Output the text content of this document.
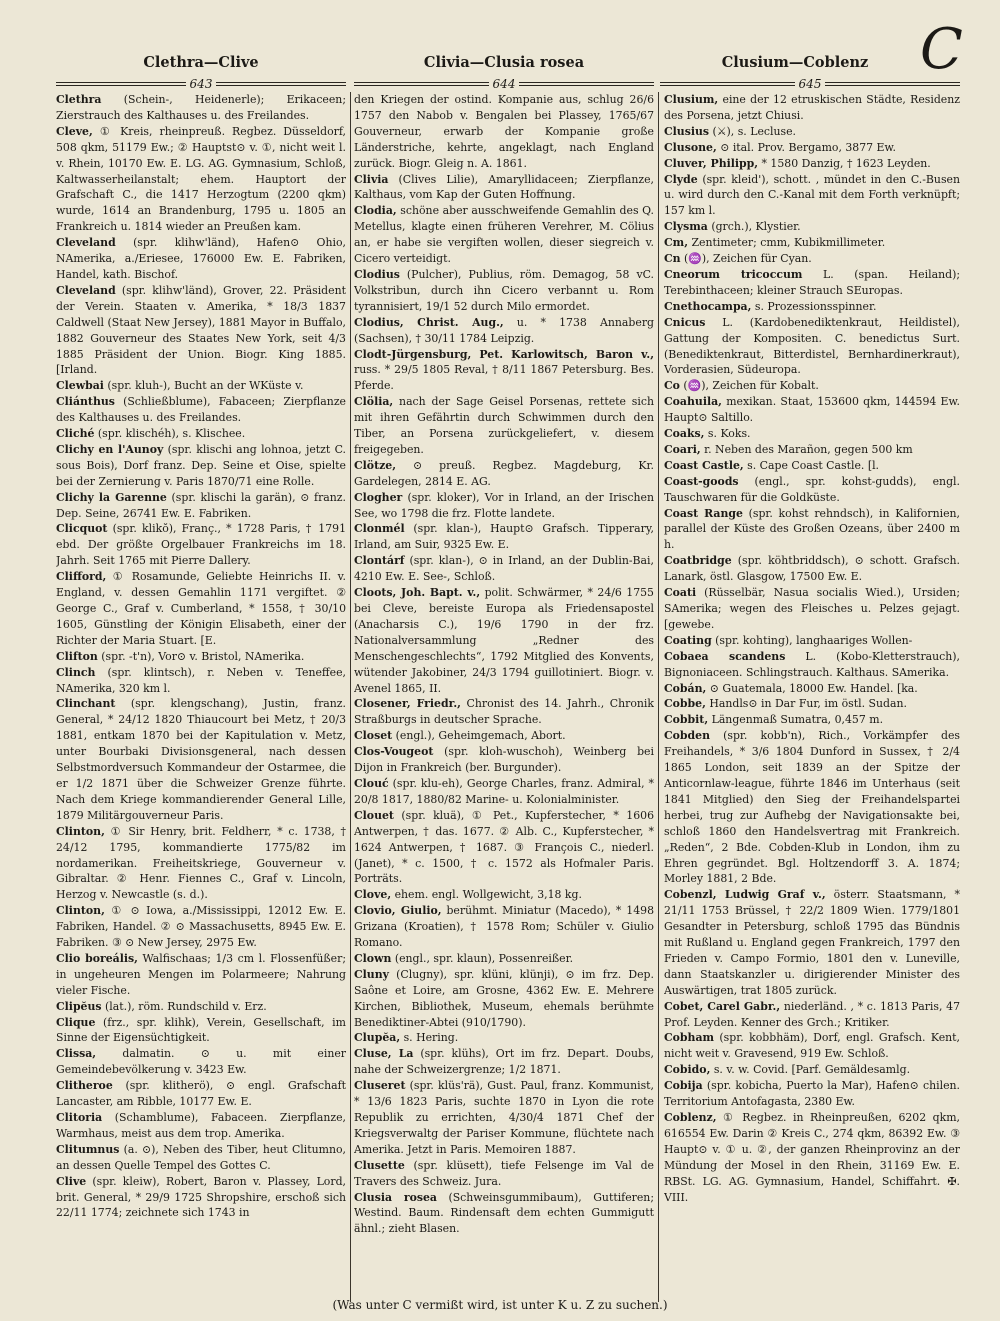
Clethra—Clive	Clivia—Clusia rosea	Clusium—Coblenz C
643	644	645

Clethra (Schein-, Heidenerle); Erikaceen; Zierstrauch des Kalthauses u. des Freilandes.

Cleve, ① Kreis, rheinpreuß. Regbez. Düsseldorf, 508 qkm, 51179 Ew.; ② Hauptst⊙ v. ①, nicht weit l. v. Rhein, 10170 Ew. E. LG. AG. Gymnasium, Schloß, Kaltwasserheilanstalt; ehem. Hauptort der Grafschaft C., die 1417 Herzogtum (2200 qkm) wurde, 1614 an Brandenburg, 1795 u. 1805 an Frankreich u. 1814 wieder an Preußen kam.

Cleveland (spr. klihw'länd), Hafen⊙ Ohio, NAmerika, a./Eriesee, 176000 Ew. E. Fabriken, Handel, kath. Bischof.

Cleveland (spr. klihw'länd), Grover, 22. Präsident der Verein. Staaten v. Amerika, * 18/3 1837 Caldwell (Staat New Jersey), 1881 Mayor in Buffalo, 1882 Gouverneur des Staates New York, seit 4/3 1885 Präsident der Union. Biogr. King 1885. [Irland.

Clewbai (spr. kluh-), Bucht an der WKüste v.

Cliánthus (Schließblume), Fabaceen; Zierpflanze des Kalthauses u. des Freilandes.

Cliché (spr. klischéh), s. Klischee.

Clichy en l'Aunoy (spr. klischi ang lohnoa, jetzt C. sous Bois), Dorf franz. Dep. Seine et Oise, spielte bei der Zernierung v. Paris 1870/71 eine Rolle.

Clichy la Garenne (spr. klischi la garän), ⊙ franz. Dep. Seine, 26741 Ew. E. Fabriken.

Clicquot (spr. klikŏ), Franç., * 1728 Paris, † 1791 ebd. Der größte Orgelbauer Frankreichs im 18. Jahrh. Seit 1765 mit Pierre Dallery.

Clifford, ① Rosamunde, Geliebte Heinrichs II. v. England, v. dessen Gemahlin 1171 vergiftet. ② George C., Graf v. Cumberland, * 1558, † 30/10 1605, Günstling der Königin Elisabeth, einer der Richter der Maria Stuart. [E.

Clifton (spr. -t'n), Vor⊙ v. Bristol, NAmerika.

Clinch (spr. klintsch), r. Neben v. Teneffee, NAmerika, 320 km l.

Clinchant (spr. klengschang), Justin, franz. General, * 24/12 1820 Thiaucourt bei Metz, † 20/3 1881, entkam 1870 bei der Kapitulation v. Metz, unter Bourbaki Divisionsgeneral, nach dessen Selbstmordversuch Kommandeur der Ostarmee, die er 1/2 1871 über die Schweizer Grenze führte. Nach dem Kriege kommandierender General Lille, 1879 Militärgouverneur Paris.

Clinton, ① Sir Henry, brit. Feldherr, * c. 1738, † 24/12 1795, kommandierte 1775/82 im nordamerikan. Freiheitskriege, Gouverneur v. Gibraltar. ② Henr. Fiennes C., Graf v. Lincoln, Herzog v. Newcastle (s. d.).

Clinton, ① ⊙ Iowa, a./Mississippi, 12012 Ew. E. Fabriken, Handel. ② ⊙ Massachusetts, 8945 Ew. E. Fabriken. ③ ⊙ New Jersey, 2975 Ew.

Clio boreális, Walfischaas; 1/3 cm l. Flossenfüßer; in ungeheuren Mengen im Polarmeere; Nahrung vieler Fische.

Clipĕus (lat.), röm. Rundschild v. Erz.

Clique (frz., spr. klihk), Verein, Gesellschaft, im Sinne der Eigensüchtigkeit.

Clissa, dalmatin. ⊙ u. mit einer Gemeindebevölkerung v. 3423 Ew.

Clitheroe (spr. klitherö), ⊙ engl. Grafschaft Lancaster, am Ribble, 10177 Ew. E.

Clitoria (Schamblume), Fabaceen. Zierpflanze, Warmhaus, meist aus dem trop. Amerika.

Clitumnus (a. ⊙), Neben des Tiber, heut Clitumno, an dessen Quelle Tempel des Gottes C.

Clive (spr. kleiw), Robert, Baron v. Plassey, Lord, brit. General, * 29/9 1725 Shropshire, erschoß sich 22/11 1774; zeichnete sich 1743 in

den Kriegen der ostind. Kompanie aus, schlug 26/6 1757 den Nabob v. Bengalen bei Plassey, 1765/67 Gouverneur, erwarb der Kompanie große Länderstriche, kehrte, angeklagt, nach England zurück. Biogr. Gleig n. A. 1861.

Clivia (Clives Lilie), Amaryllidaceen; Zierpflanze, Kalthaus, vom Kap der Guten Hoffnung.

Clodia, schöne aber ausschweifende Gemahlin des Q. Metellus, klagte einen früheren Verehrer, M. Cölius an, er habe sie vergiften wollen, dieser siegreich v. Cicero verteidigt.

Clodius (Pulcher), Publius, röm. Demagog, 58 vC. Volkstribun, durch ihn Cicero verbannt u. Rom tyrannisiert, 19/1 52 durch Milo ermordet.

Clodius, Christ. Aug., u. * 1738 Annaberg (Sachsen), † 30/11 1784 Leipzig.

Clodt-Jürgensburg, Pet. Karlowitsch, Baron v., russ. * 29/5 1805 Reval, † 8/11 1867 Petersburg. Bes. Pferde.

Clölia, nach der Sage Geisel Porsenas, rettete sich mit ihren Gefährtin durch Schwimmen durch den Tiber, an Porsena zurückgeliefert, v. diesem freigegeben.

Clötze, ⊙ preuß. Regbez. Magdeburg, Kr. Gardelegen, 2814 E. AG.

Clogher (spr. kloker), Vor in Irland, an der Irischen See, wo 1798 die frz. Flotte landete.

Clonmél (spr. klan-), Haupt⊙ Grafsch. Tipperary, Irland, am Suir, 9325 Ew. E.

Clontárf (spr. klan-), ⊙ in Irland, an der Dublin-Bai, 4210 Ew. E. See-, Schloß.

Cloots, Joh. Bapt. v., polit. Schwärmer, * 24/6 1755 bei Cleve, bereiste Europa als Friedensapostel (Anacharsis C.), 19/6 1790 in der frz. Nationalversammlung „Redner des Menschengeschlechts“, 1792 Mitglied des Konvents, wütender Jakobiner, 24/3 1794 guillotiniert. Biogr. v. Avenel 1865, II.

Closener, Friedr., Chronist des 14. Jahrh., Chronik Straßburgs in deutscher Sprache.

Closet (engl.), Geheimgemach, Abort.

Clos-Vougeot (spr. kloh-wuschoh), Weinberg bei Dijon in Frankreich (ber. Burgunder).

Clouć (spr. klu-eh), George Charles, franz. Admiral, * 20/8 1817, 1880/82 Marine- u. Kolonialminister.

Clouet (spr. kluä), ① Pet., Kupferstecher, * 1606 Antwerpen, † das. 1677. ② Alb. C., Kupferstecher, * 1624 Antwerpen, † 1687. ③ François C., niederl. (Janet), * c. 1500, † c. 1572 als Hofmaler Paris. Porträts.

Clove, ehem. engl. Wollgewicht, 3,18 kg.

Clovio, Giulio, berühmt. Miniatur (Macedo), * 1498 Grizana (Kroatien), † 1578 Rom; Schüler v. Giulio Romano.

Clown (engl., spr. klaun), Possenreißer.

Cluny (Clugny), spr. klüni, klünji), ⊙ im frz. Dep. Saône et Loire, am Grosne, 4362 Ew. E. Mehrere Kirchen, Bibliothek, Museum, ehemals berühmte Benediktiner-Abtei (910/1790).

Clupĕa, s. Hering.

Cluse, La (spr. klühs), Ort im frz. Depart. Doubs, nahe der Schweizergrenze; 1/2 1871.

Cluseret (spr. klüs'rä), Gust. Paul, franz. Kommunist, * 13/6 1823 Paris, suchte 1870 in Lyon die rote Republik zu errichten, 4/30/4 1871 Chef der Kriegsverwaltg der Pariser Kommune, flüchtete nach Amerika. Jetzt in Paris. Memoiren 1887.

Clusette (spr. klüsett), tiefe Felsenge im Val de Travers des Schweiz. Jura.

Clusia rosea (Schweinsgummibaum), Guttiferen; Westind. Baum. Rindensaft dem echten Gummigutt ähnl.; zieht Blasen.

Clusium, eine der 12 etruskischen Städte, Residenz des Porsena, jetzt Chiusi.

Clusius (⚔), s. Lecluse.

Clusone, ⊙ ital. Prov. Bergamo, 3877 Ew.

Cluver, Philipp, * 1580 Danzig, † 1623 Leyden.

Clyde (spr. kleid'), schott. , mündet in den C.-Busen u. wird durch den C.-Kanal mit dem Forth verknüpft; 157 km l.

Clysma (grch.), Klystier.

Cm, Zentimeter; cmm, Kubikmillimeter.

Cn (♒), Zeichen für Cyan.

Cneorum tricoccum L. (span. Heiland); Terebinthaceen; kleiner Strauch SEuropas.

Cnethocampa, s. Prozessionsspinner.

Cnicus L. (Kardobenediktenkraut, Heildistel), Gattung der Kompositen. C. benedictus Surt. (Benediktenkraut, Bitterdistel, Bernhardinerkraut), Vorderasien, Südeuropa.

Co (♒), Zeichen für Kobalt.

Coahuila, mexikan. Staat, 153600 qkm, 144594 Ew. Haupt⊙ Saltillo.

Coaks, s. Koks.

Coari, r. Neben des Marañon, gegen 500 km

Coast Castle, s. Cape Coast Castle. [l.

Coast-goods (engl., spr. kohst-gudds), engl. Tauschwaren für die Goldküste.

Coast Range (spr. kohst rehndsch), in Kalifornien, parallel der Küste des Großen Ozeans, über 2400 m h.

Coatbridge (spr. köhtbriddsch), ⊙ schott. Grafsch. Lanark, östl. Glasgow, 17500 Ew. E.

Coati (Rüsselbär, Nasua socialis Wied.), Ursiden; SAmerika; wegen des Fleisches u. Pelzes gejagt. [gewebe.

Coating (spr. kohting), langhaariges Wollen-

Cobaea scandens L. (Kobo-Kletterstrauch), Bignoniaceen. Schlingstrauch. Kalthaus. SAmerika.

Cobán, ⊙ Guatemala, 18000 Ew. Handel. [ka.

Cobbe, Handls⊙ in Dar Fur, im östl. Sudan.

Cobbit, Längenmaß Sumatra, 0,457 m.

Cobden (spr. kobb'n), Rich., Vorkämpfer des Freihandels, * 3/6 1804 Dunford in Sussex, † 2/4 1865 London, seit 1839 an der Spitze der Anticornlaw-league, führte 1846 im Unterhaus (seit 1841 Mitglied) den Sieg der Freihandelspartei herbei, trug zur Aufhebg der Navigationsakte bei, schloß 1860 den Handelsvertrag mit Frankreich. „Reden“, 2 Bde. Cobden-Klub in London, ihm zu Ehren gegründet. Bgl. Holtzendorff 3. A. 1874; Morley 1881, 2 Bde.

Cobenzl, Ludwig Graf v., österr. Staatsmann, * 21/11 1753 Brüssel, † 22/2 1809 Wien. 1779/1801 Gesandter in Petersburg, schloß 1795 das Bündnis mit Rußland u. England gegen Frankreich, 1797 den Frieden v. Campo Formio, 1801 den v. Luneville, dann Staatskanzler u. dirigierender Minister des Auswärtigen, trat 1805 zurück.

Cobet, Carel Gabr., niederländ. , * c. 1813 Paris, 47 Prof. Leyden. Kenner des Grch.; Kritiker.

Cobham (spr. kobbhäm), Dorf, engl. Grafsch. Kent, nicht weit v. Gravesend, 919 Ew. Schloß.

Cobido, s. v. w. Covid. [Parf. Gemäldesamlg.

Cobija (spr. kobicha, Puerto la Mar), Hafen⊙ chilen. Territorium Antofagasta, 2380 Ew.

Coblenz, ① Regbez. in Rheinpreußen, 6202 qkm, 616554 Ew. Darin ② Kreis C., 274 qkm, 86392 Ew. ③ Haupt⊙ v. ① u. ②, der ganzen Rheinprovinz an der Mündung der Mosel in den Rhein, 31169 Ew. E. RBSt. LG. AG. Gymnasium, Handel, Schiffahrt. ✠. VIII.

(Was unter C vermißt wird, ist unter K u. Z zu suchen.)
